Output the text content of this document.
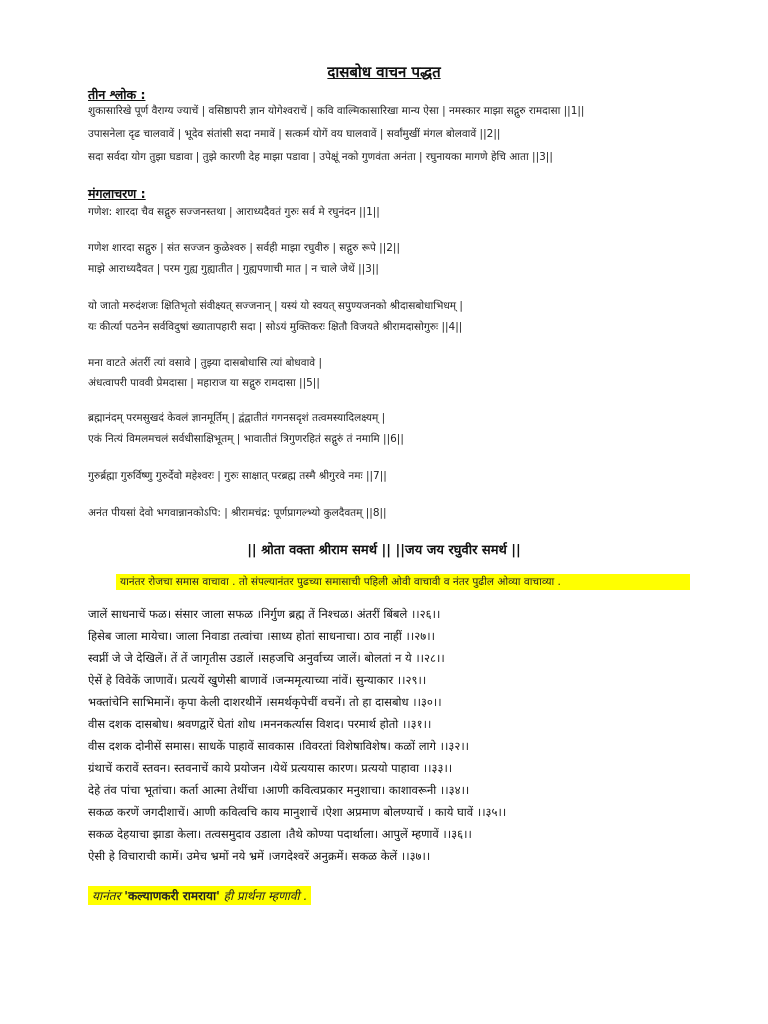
दासबोध वाचन पद्धत
तीन श्लोक :
शुकासारिखे पूर्ण वैराग्य ज्याचें | वसिष्ठापरी ज्ञान योगेश्वराचें | कवि वाल्मिकासारिखा मान्य ऐसा | नमस्कार माझा सद्गुरु रामदासा ||1||
उपासनेला दृढ चालवावें | भूदेव संतांसी सदा नमावें | सत्कर्म योगें वय घालवावें | सर्वांमुखीं मंगल बोलवावें ||2||
सदा सर्वदा योग तुझा घडावा | तुझे कारणी देह माझा पडावा | उपेक्षूं नको गुणवंता अनंता | रघुनायका मागणे हेचि आता ||3||
मंगलाचरण :
गणेश: शारदा चैव सद्गुरु सज्जनस्तथा | आराध्यदैवतं गुरुः सर्व मे रघुनंदन ||1||
गणेश शारदा सद्गुरु | संत सज्जन कुळेश्वरु | सर्वही माझा रघुवीरु | सद्गुरु रूपे ||2||
माझे आराध्यदैवत | परम गुह्य गुह्यातीत | गुह्यपणाची मात | न चाले जेथें ||3||
यो जातो मरुदंशजः क्षितिभृतो संवीक्ष्यत् सज्जनान् | यस्यं यो स्वयत् सपुण्यजनको श्रीदासबोधाभिधम् |
यः कीर्त्या पठनेन सर्वविदुषां ख्यातापहारी सदा | सोऽयं मुक्तिकरः क्षितौ विजयते श्रीरामदासोगुरुः ||4||
मना वाटते अंतरीं त्यां वसावे | तुझ्या दासबोधासि त्यां बोधवावे |
अंधत्वापरी पाववी प्रेमदासा | महाराज या सद्गुरु रामदासा ||5||
ब्रह्मानंदम् परमसुखदं केवलं ज्ञानमूर्तिम् | द्वंद्वातीतं गगनसदृशं तत्वमस्यादिलक्ष्यम् |
एकं नित्यं विमलमचलं सर्वधीसाक्षिभूतम् | भावातीतं त्रिगुणरहितं सद्गुरुं तं नमामि ||6||
गुरुर्ब्रह्मा गुरुर्विष्णु गुरुर्देवो महेश्वरः | गुरुः साक्षात् परब्रह्म तस्मै श्रीगुरवे नमः ||7||
अनंत पीयसां देवो भगवान्नानकोऽपि: | श्रीरामचंद्र: पूर्णप्रागल्भ्यो कुलदैवतम् ||8||
|| श्रोता वक्ता श्रीराम समर्थ || ||जय जय रघुवीर समर्थ ||
यानंतर रोजचा समास वाचावा . तो संपल्यानंतर पुढच्या समासाची पहिली ओवी वाचावी व नंतर पुढील ओव्या वाचाव्या .
जालें साधनाचें फळ। संसार जाला सफळ ।निर्गुण ब्रह्म तें निश्चळ। अंतरीं बिंबले ।।२६।।
हिसेब जाला मायेचा। जाला निवाडा तत्वांचा ।साध्य होतां साधनाचा। ठाव नाहीं ।।२७।।
स्वप्नीं जे जे देखिलें। तें तें जागृतीस उडालें ।सहजचि अनुर्वाच्य जालें। बोलतां न ये ।।२८।।
ऐसें हे विवेकें जाणावें। प्रत्ययें खुणेसी बाणावें ।जन्ममृत्याच्या नांवें। सुन्याकार ।।२९।।
भक्तांचेनि साभिमानें। कृपा केली दाशरथीनें ।समर्थकृपेचीं वचनें। तो हा दासबोध ।।३०।।
वीस दशक दासबोध। श्रवणद्वारें घेतां शोध ।मननकर्त्यास विशद। परमार्थ होतो ।।३१।।
वीस दशक दोनीसें समास। साधकें पाहावें सावकास ।विवरतां विशेषाविशेष। कळों लागे ।।३२।।
ग्रंथाचें करावें स्तवन। स्तवनाचें काये प्रयोजन ।येथें प्रत्ययास कारण। प्रत्ययो पाहावा ।।३३।।
देहे तंव पांचा भूतांचा। कर्ता आत्मा तेथींचा ।आणी कवित्वप्रकार मनुशाचा। काशावरूनी ।।३४।।
सकळ करणें जगदीशाचें। आणी कवित्वचि काय मानुशाचें ।ऐशा अप्रमाण बोलण्याचें । काये घावें ।।३५।।
सकळ देहयाचा झाडा केला। तत्वसमुदाव उडाला ।तैथे कोण्या पदार्थाला। आपुलें म्हणावें ।।३६।।
ऐसी हे विचाराची कामें। उमेच भ्रमों नये भ्रमें ।जगदेश्वरें अनुक्रमें। सकळ केलें ।।३७।।
यानंतर 'कल्याणकरी रामराया' ही प्रार्थना म्हणावी .
